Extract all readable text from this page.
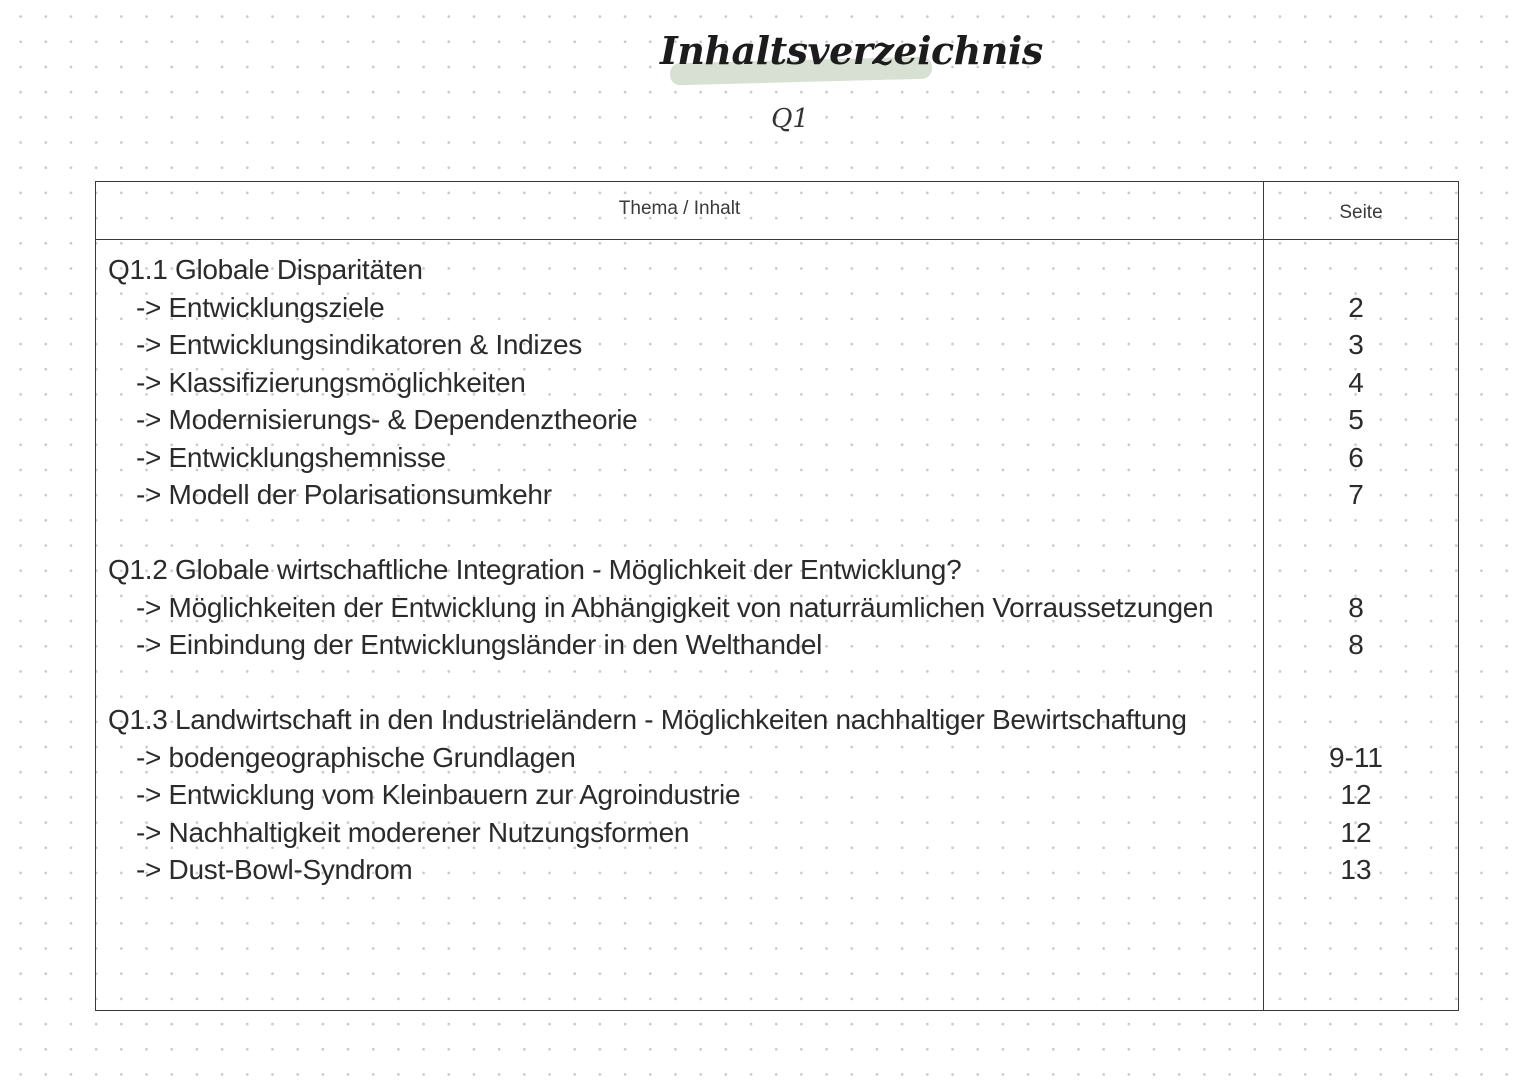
Inhaltsverzeichnis
Q1
Thema / Inhalt	Seite
Q1.1 Globale Disparitäten
-> Entwicklungsziele	2
-> Entwicklungsindikatoren & Indizes	3
-> Klassifizierungsmöglichkeiten	4
-> Modernisierungs- & Dependenztheorie	5
-> Entwicklungshemnisse	6
-> Modell der Polarisationsumkehr	7
Q1.2 Globale wirtschaftliche Integration - Möglichkeit der Entwicklung?
-> Möglichkeiten der Entwicklung in Abhängigkeit von naturräumlichen Vorraussetzungen	8
-> Einbindung der Entwicklungsländer in den Welthandel	8
Q1.3 Landwirtschaft in den Industrieländern - Möglichkeiten nachhaltiger Bewirtschaftung
-> bodengeographische Grundlagen	9-11
-> Entwicklung vom Kleinbauern zur Agroindustrie	12
-> Nachhaltigkeit moderener Nutzungsformen	12
-> Dust-Bowl-Syndrom	13
